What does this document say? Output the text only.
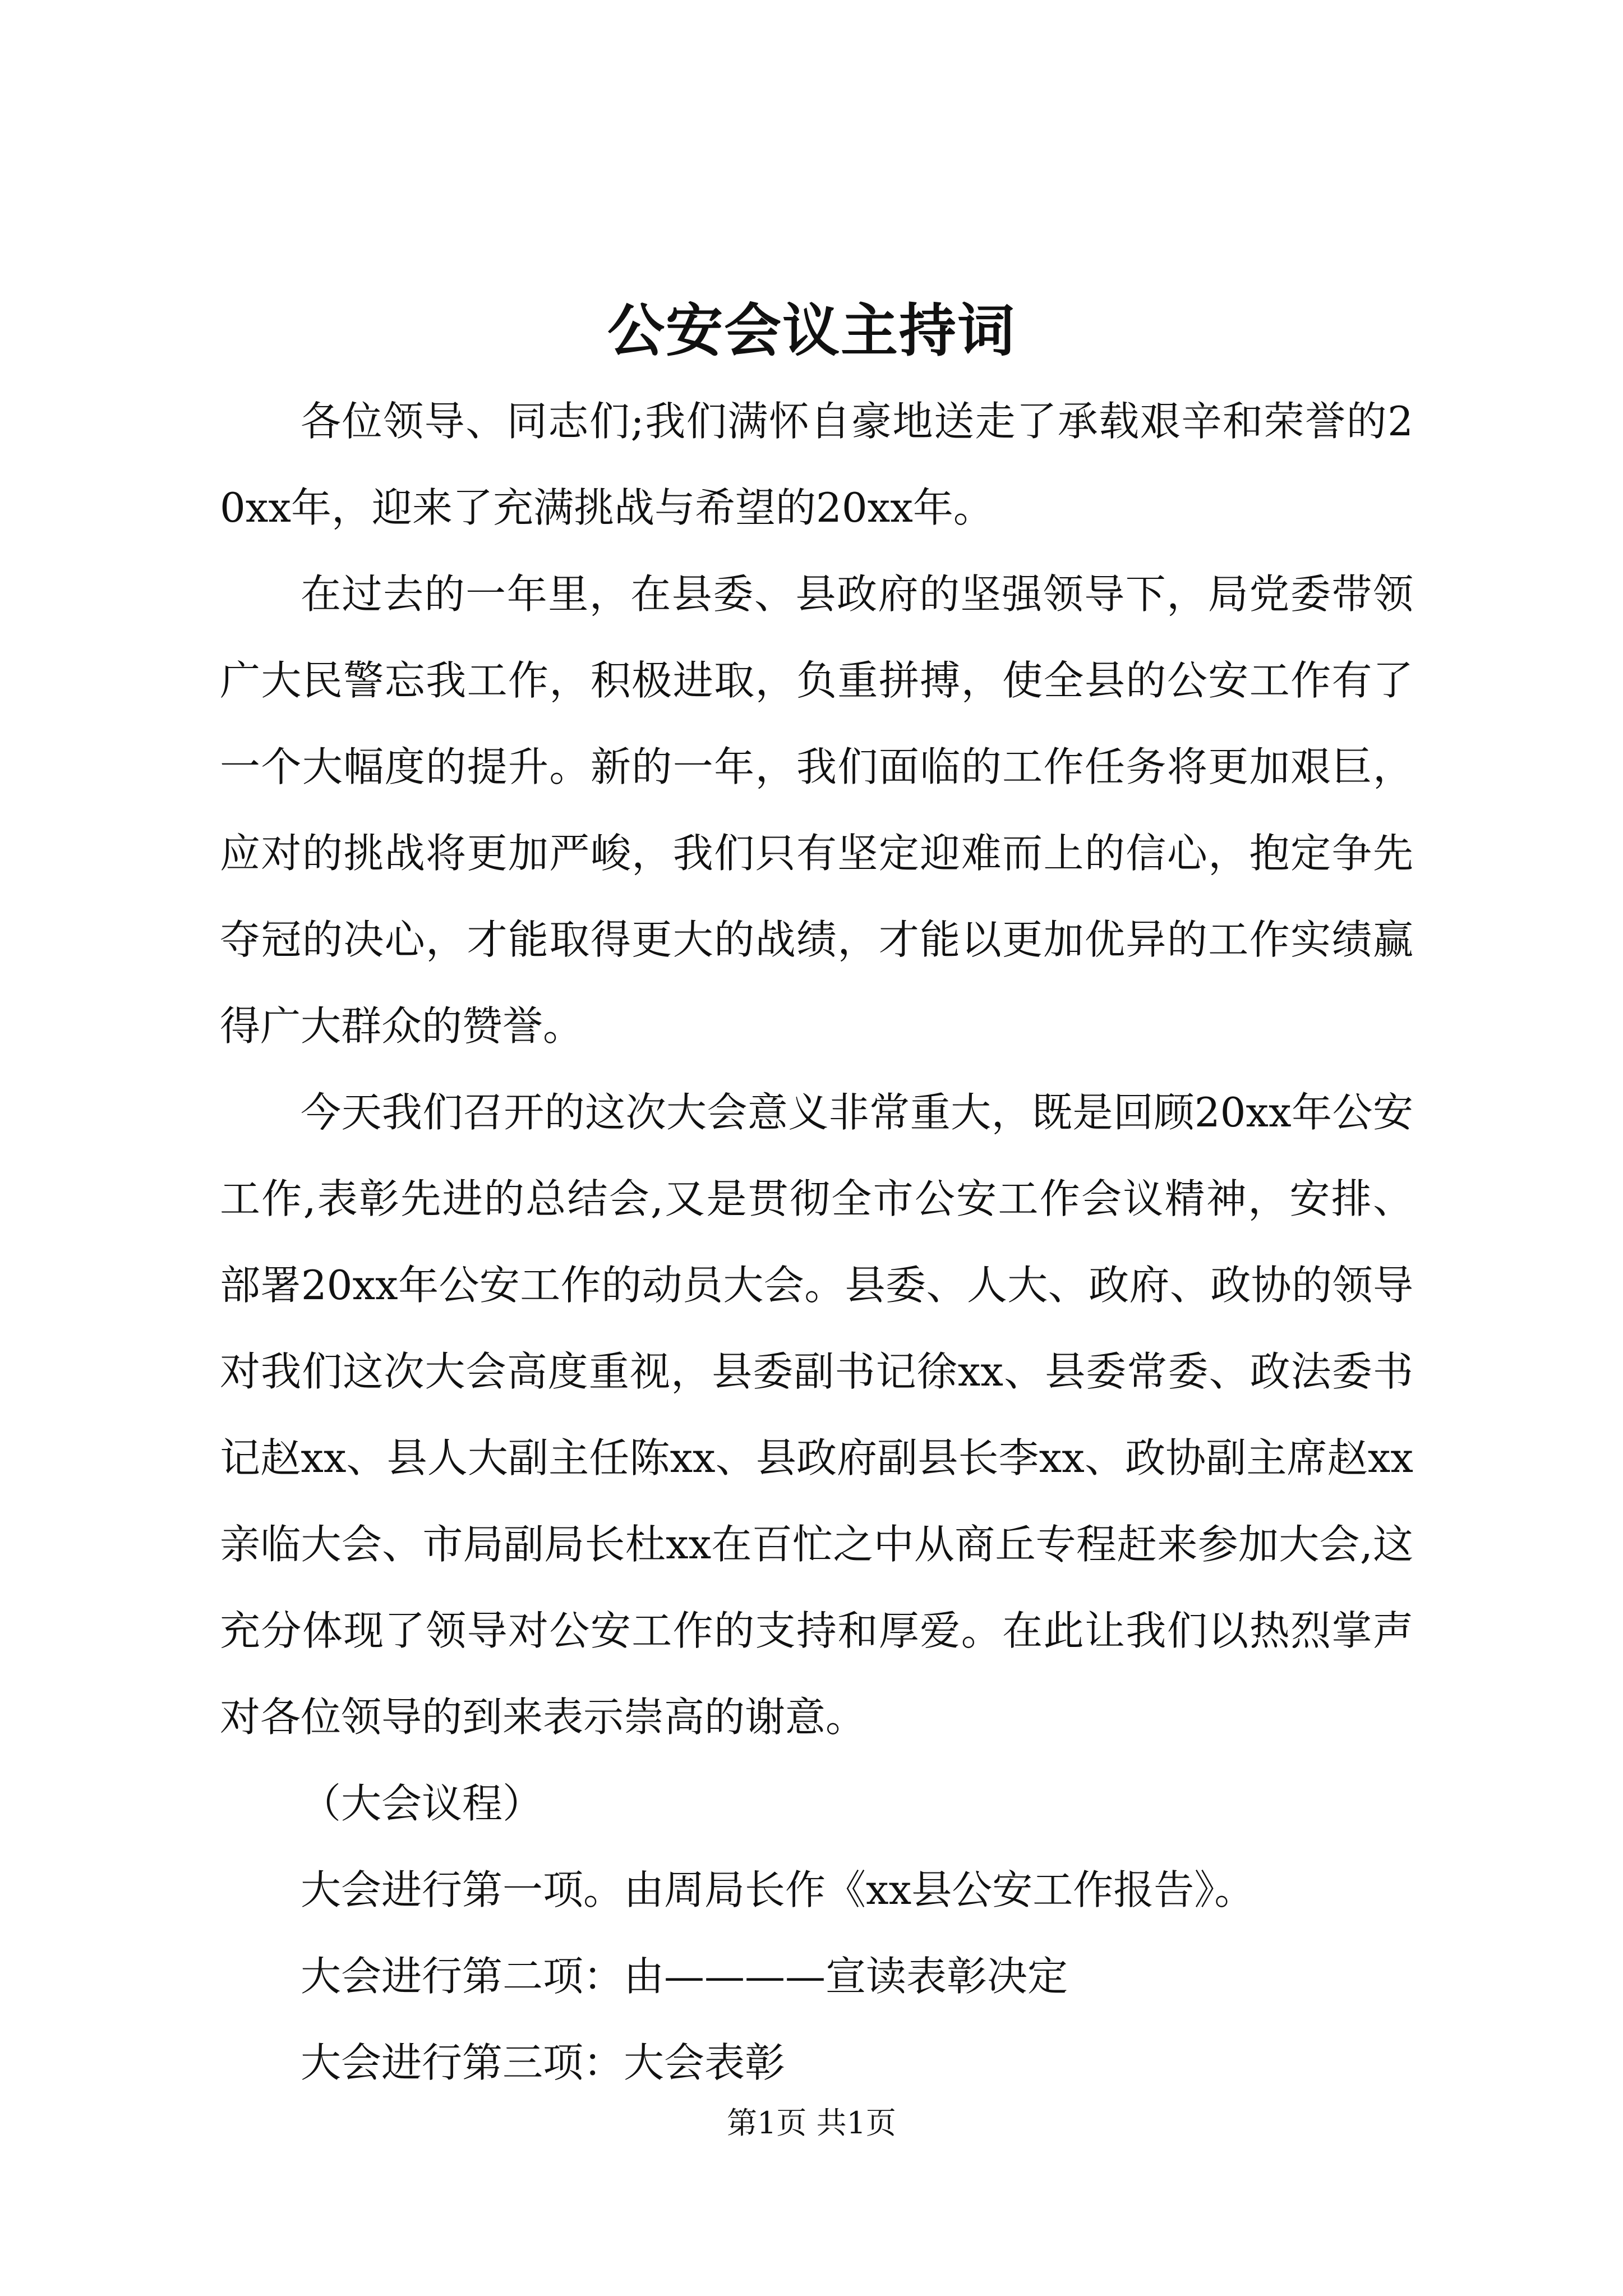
公安会议主持词

各位领导、同志们;我们满怀自豪地送走了承载艰辛和荣誉的20xx年，迎来了充满挑战与希望的20xx年。

在过去的一年里，在县委、县政府的坚强领导下，局党委带领广大民警忘我工作，积极进取，负重拼搏，使全县的公安工作有了一个大幅度的提升。新的一年，我们面临的工作任务将更加艰巨，应对的挑战将更加严峻，我们只有坚定迎难而上的信心，抱定争先夺冠的决心，才能取得更大的战绩，才能以更加优异的工作实绩赢得广大群众的赞誉。

今天我们召开的这次大会意义非常重大，既是回顾20xx年公安工作,表彰先进的总结会,又是贯彻全市公安工作会议精神，安排、部署20xx年公安工作的动员大会。县委、人大、政府、政协的领导对我们这次大会高度重视，县委副书记徐xx、县委常委、政法委书记赵xx、县人大副主任陈xx、县政府副县长李xx、政协副主席赵xx亲临大会、市局副局长杜xx在百忙之中从商丘专程赶来参加大会,这充分体现了领导对公安工作的支持和厚爱。在此让我们以热烈掌声对各位领导的到来表示崇高的谢意。

（大会议程）

大会进行第一项。由周局长作《xx县公安工作报告》。

大会进行第二项：由————宣读表彰决定

大会进行第三项：大会表彰

第1页 共1页
